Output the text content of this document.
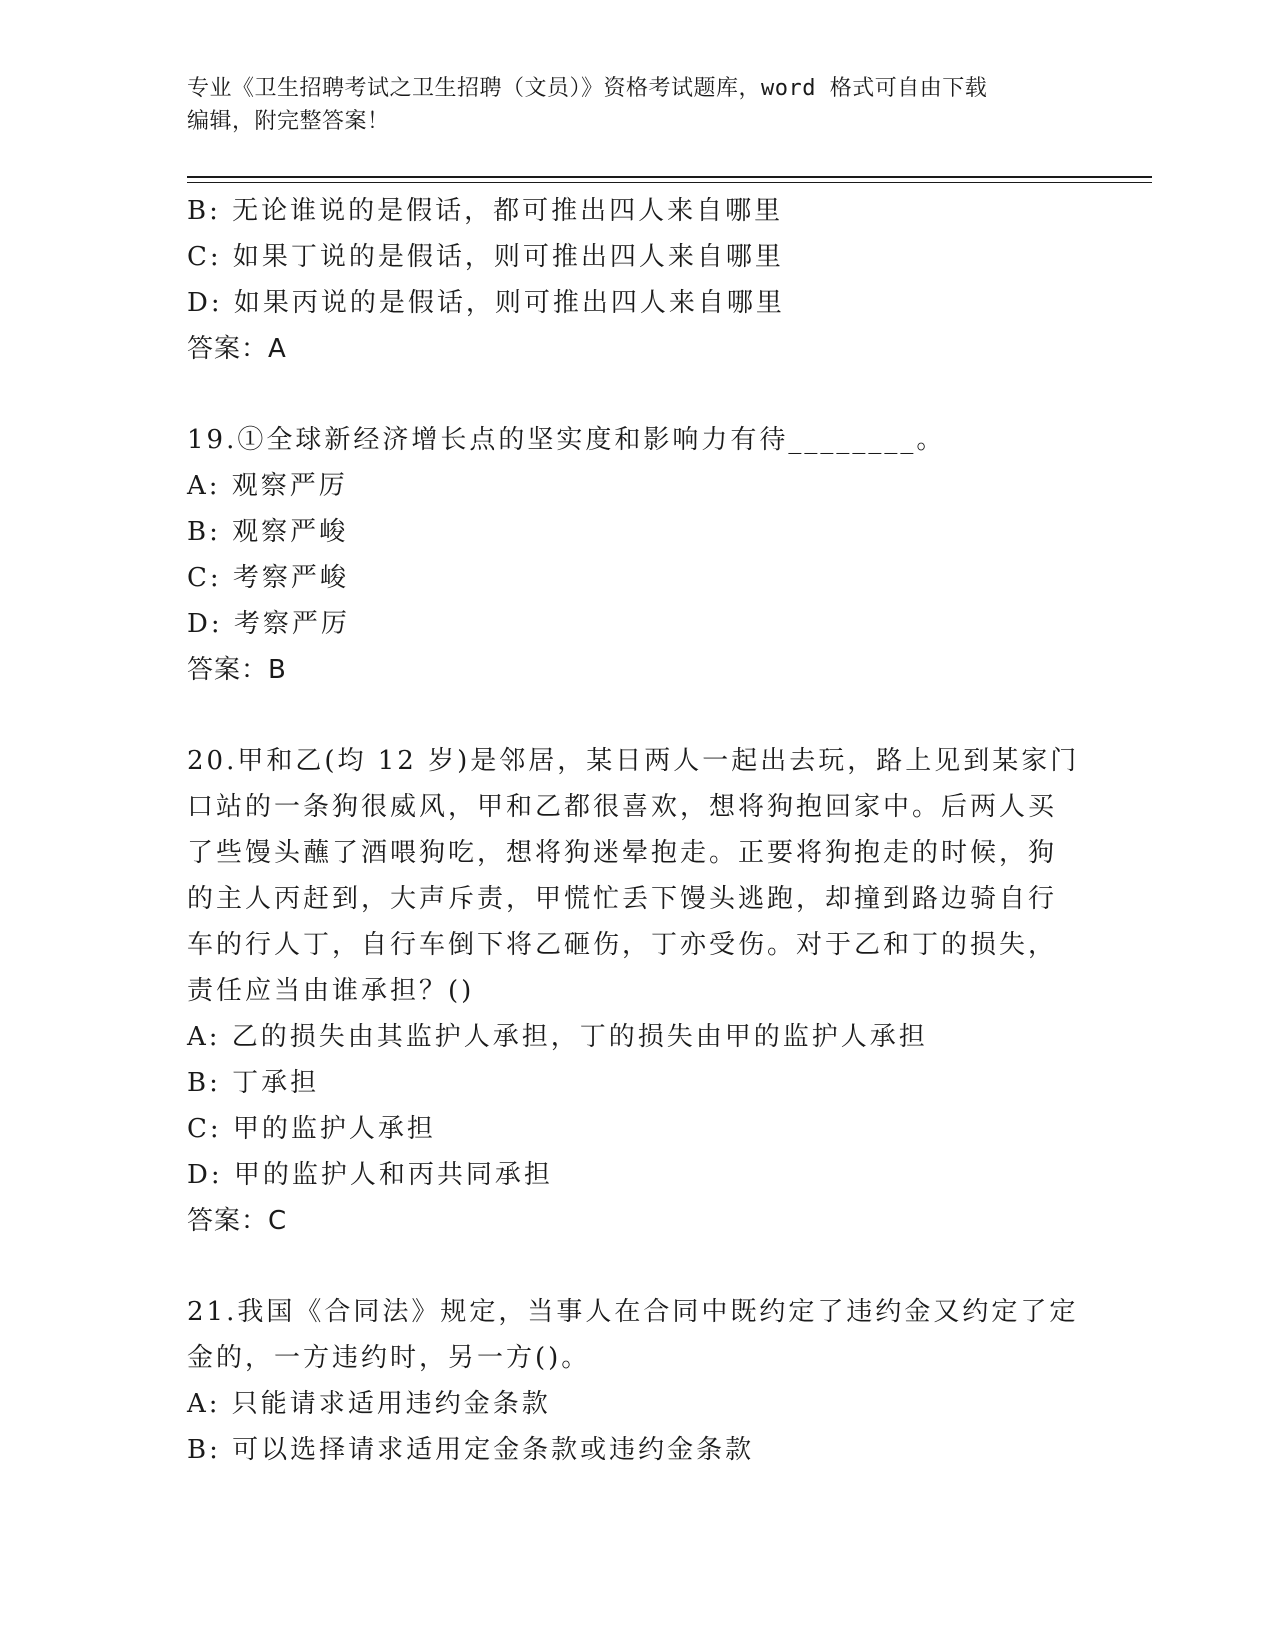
专业《卫生招聘考试之卫生招聘（文员）》资格考试题库，word 格式可自由下载
编辑，附完整答案！
B: 无论谁说的是假话，都可推出四人来自哪里
C: 如果丁说的是假话，则可推出四人来自哪里
D: 如果丙说的是假话，则可推出四人来自哪里
答案：A
19.①全球新经济增长点的坚实度和影响力有待________。
A: 观察严厉
B: 观察严峻
C: 考察严峻
D: 考察严厉
答案：B
20.甲和乙(均 12 岁)是邻居，某日两人一起出去玩，路上见到某家门
口站的一条狗很威风，甲和乙都很喜欢，想将狗抱回家中。后两人买
了些馒头蘸了酒喂狗吃，想将狗迷晕抱走。正要将狗抱走的时候，狗
的主人丙赶到，大声斥责，甲慌忙丢下馒头逃跑，却撞到路边骑自行
车的行人丁，自行车倒下将乙砸伤，丁亦受伤。对于乙和丁的损失，
责任应当由谁承担？()
A: 乙的损失由其监护人承担，丁的损失由甲的监护人承担
B: 丁承担
C: 甲的监护人承担
D: 甲的监护人和丙共同承担
答案：C
21.我国《合同法》规定，当事人在合同中既约定了违约金又约定了定
金的，一方违约时，另一方()。
A: 只能请求适用违约金条款
B: 可以选择请求适用定金条款或违约金条款
